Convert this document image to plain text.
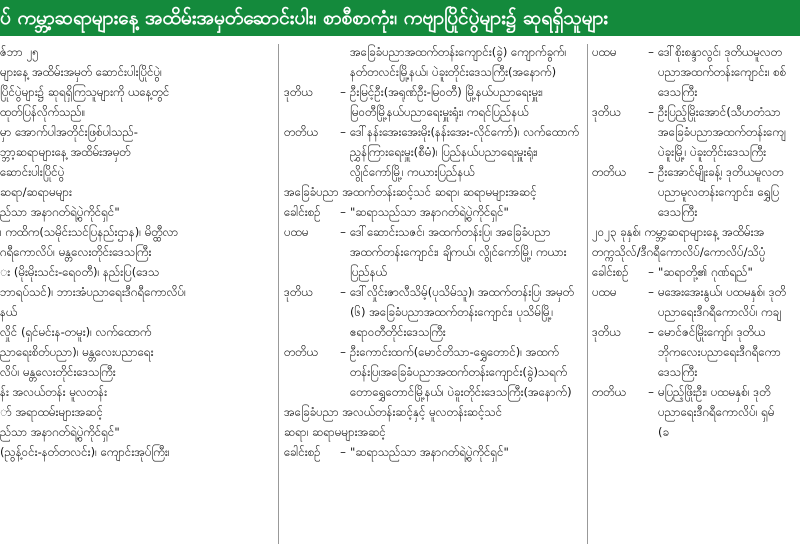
ပ် ကမ္ဘာ့ဆရာများနေ့ အထိမ်းအမှတ်ဆောင်းပါး၊ စာစီစာကုံး၊ ကဗျာပြိုင်ပွဲများ၌ ဆုရရှိသူများ
ဇ်ဘာ ၂၅
များနေ့ အထိမ်းအမှတ် ဆောင်းပါးပြိုင်ပွဲ၊
ပြိုင်ပွဲများ၌ ဆုရရှိကြသူများကို ယနေ့တွင်
ထုတ်ပြန်လိုက်သည်။
မှာ အောက်ပါအတိုင်းဖြစ်ပါသည်-
ဘ္ဘာ့ဆရာများနေ့ အထိမ်းအမှတ်
ဆောင်းပါးပြိုင်ပွဲ
ဆရာ/ဆရာမများ
ည်သာ အနာဂတ်ရဲ့ပွဲကိုင်ရှင်"
၊ ကထိက(သမိုင်းသင်ပြနည်းဌာန)၊ မိတ္ထီလာ
ဂရီကောလိပ်၊ မန္တလေးတိုင်းဒေသကြီး
း (မိုးမိုးသင်း-ရေဝတီ)၊ နည်းပြ(ဒေသ
ဘာရပ်သင်)၊ ဘားအံပညာရေးဒီဂရီကောလိပ်၊
နယ်
လှိုင် (ရှင်မင်းန-တမူး)၊ လက်ထောက်
ညာရေးစိတ်ပညာ)၊ မန္တလေးပညာရေး
လိပ်၊ မန္တလေးတိုင်းဒေသကြီး
န်း အလယ်တန်း မူလတန်း
ာ် အရာထမ်းများအဆင့်
ည်သာ အနာဂတ်ရဲ့ပွဲကိုင်ရှင်"
(ညွန့်ဝင်း-နတ်တလင်း)၊ ကျောင်းအုပ်ကြီး၊
အခြေခံပညာအထက်တန်းကျောင်း(ခွဲ) ကျောက်ခွက်၊
နတ်တလင်းမြို့နယ်၊ ပဲခူးတိုင်းဒေသကြီး(အနောက်)
ဒုတိယ	– ဦးမြင့်ဦး(အရုဏ်ဦး-မြဝတီ) မြို့နယ်ပညာရေးမှူး၊
မြဝတီမြို့နယ်ပညာရေးမှူးရုံး၊ ကရင်ပြည်နယ်
တတိယ	– ဒေါ်နန်းအေးအေးမိုး(နန်းအေး-လိုင်ကော်)၊ လက်ထောက်
ညွှန်ကြားရေးမှူး(စီမံ)၊ ပြည်နယ်ပညာရေးမှူးရုံး၊
လွိုင်ကော်မြို့၊ ကယားပြည်နယ်
အခြေခံပညာ အထက်တန်းဆင့်သင် ဆရာ၊ ဆရာမများအဆင့်
ခေါင်းစဉ်	– "ဆရာသည်သာ အနာဂတ်ရဲ့ပွဲကိုင်ရှင်"
ပထမ	– ဒေါ်ဆောင်းသဇင်၊ အထက်တန်းပြ၊ အခြေခံပညာ
အထက်တန်းကျောင်း၊ ချိကယ်၊ လွိုင်ကော်မြို့၊ ကယား
ပြည်နယ်
ဒုတိယ	– ဒေါ်လှိုင်းဇာလီသိမ့်(ပုသိမ်သူ)၊ အထက်တန်းပြ၊ အမှတ်
(၆) အခြေခံပညာအထက်တန်းကျောင်း၊ ပုသိမ်မြို့၊
ဧရာဝတီတိုင်းဒေသကြီး
တတိယ	– ဦးကောင်းထက်(မောင်တိသာ-ရွှေတောင်)၊ အထက်
တန်းပြ၊အခြေခံပညာအထက်တန်းကျောင်း(ခွဲ)သရက်
တောရွှေတောင်မြို့နယ်၊ ပဲခူးတိုင်းဒေသကြီး(အနောက်)
အခြေခံပညာ အလယ်တန်းဆင့်နှင့် မူလတန်းဆင့်သင်
ဆရာ၊ ဆရာမများအဆင့်
ခေါင်းစဉ်	– "ဆရာသည်သာ အနာဂတ်ရဲ့ပွဲကိုင်ရှင်"
ပထမ	– ဒေါ်စိုးစန္ဒာလွင်၊ ဒုတိယမူလတ
ပညာအထက်တန်းကျောင်း၊ စစ်
ဒေသကြီး
ဒုတိယ	– ဦးပြည့်မြိုးအောင်(သီဟတံသာ
အခြေခံပညာအထက်တန်းကျေ
ပဲခူးမြို့၊ ပဲခူးတိုင်းဒေသကြီး
တတိယ	– ဦးအောင်မျိုးခန့်၊ ဒုတိယမူလတ
ပညာမူလတန်းကျောင်း၊ ရွှေပြ
ဒေသကြီး
၂၀၂၃ ခုနှစ်၊ ကမ္ဘာ့ဆရာများနေ့ အထိမ်းအ
တက္ကသိုလ်/ဒီဂရီကောလိပ်/ကောလိပ်/သိပ္ပံ
ခေါင်းစဉ်	– "ဆရာတို့၏ ဂုဏ်ရည်"
ပထမ	– မအေးအေးနွယ်၊ ပထမနှစ်၊ ဒုတိ
ပညာရေးဒီဂရီကောလိပ်၊ ကချ
ဒုတိယ	– မောင်ဇင်မြိုးကျော်၊ ဒုတိယ
ဘိုကလေးပညာရေးဒီဂရီကော
ဒေသကြီး
တတိယ	– မပြည့်ဖြိုးဦး၊ ပထမနှစ်၊ ဒုတိ
ပညာရေးဒီဂရီကောလိပ်၊ ရှမ်
(ခ
